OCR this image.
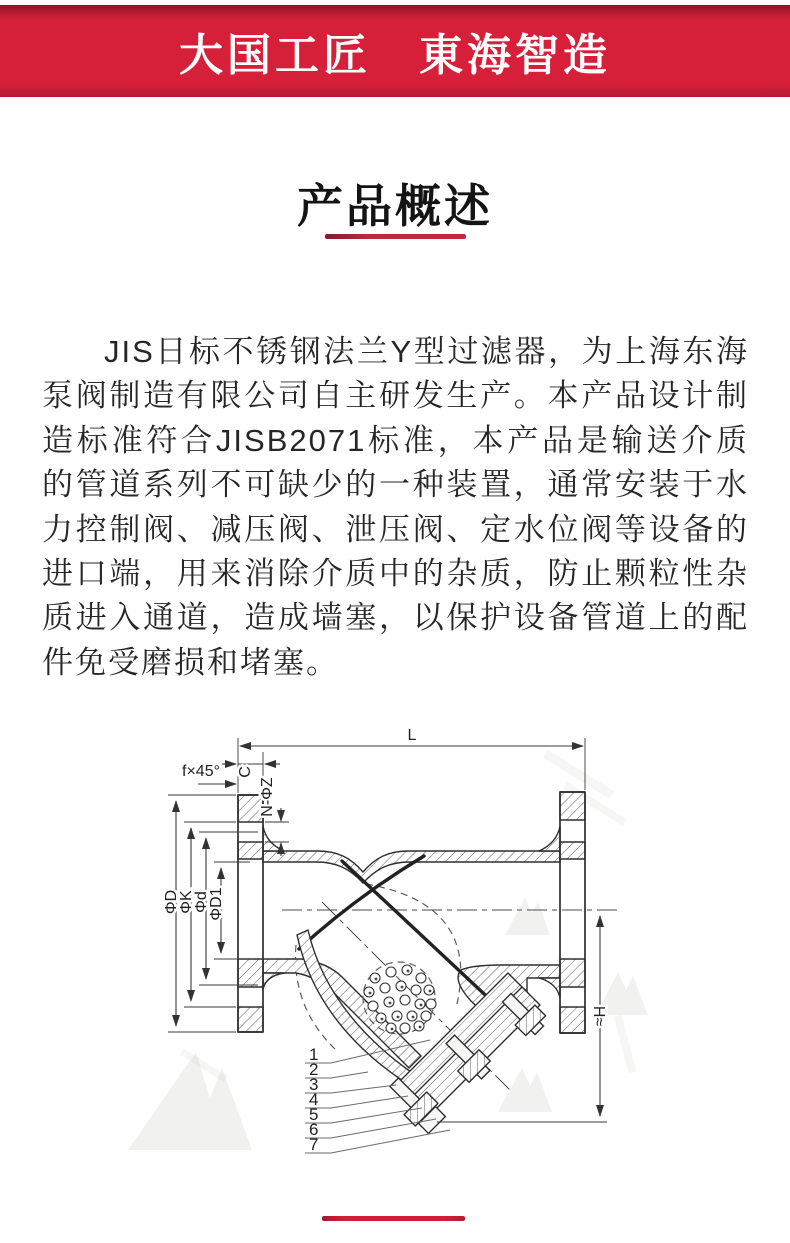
大国工匠　東海智造
产品概述

JIS日标不锈钢法兰Y型过滤器，为上海东海泵阀制造有限公司自主研发生产。本产品设计制造标准符合JISB2071标准，本产品是输送介质的管道系列不可缺少的一种装置，通常安装于水力控制阀、减压阀、泄压阀、定水位阀等设备的进口端，用来消除介质中的杂质，防止颗粒性杂质进入通道，造成墙塞，以保护设备管道上的配件免受磨损和堵塞。

L
C
f×45°
N-ΦZ
ΦD
ΦK
Φd
ΦD1
H≈
1
2
3
4
5
6
7
